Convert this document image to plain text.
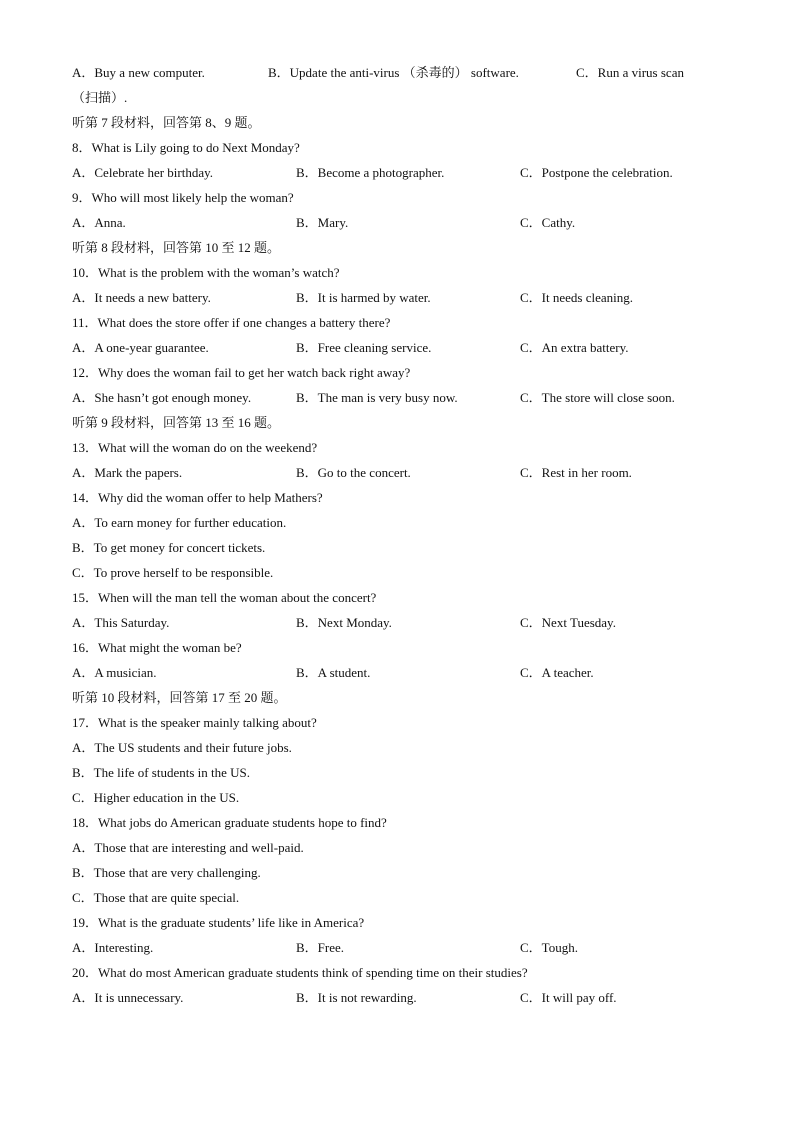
A．Buy a new computer.	B．Update the anti-virus （杀毒的） software.	C．Run a virus scan
（扫描）.
听第 7 段材料，回答第 8、9 题。
8．What is Lily going to do Next Monday?
A．Celebrate her birthday.	B．Become a photographer.	C．Postpone the celebration.
9．Who will most likely help the woman?
A．Anna.	B．Mary.	C．Cathy.
听第 8 段材料，回答第 10 至 12 题。
10．What is the problem with the woman’s watch?
A．It needs a new battery.	B．It is harmed by water.	C．It needs cleaning.
11．What does the store offer if one changes a battery there?
A．A one-year guarantee.	B．Free cleaning service.	C．An extra battery.
12．Why does the woman fail to get her watch back right away?
A．She hasn’t got enough money.	B．The man is very busy now.	C．The store will close soon.
听第 9 段材料，回答第 13 至 16 题。
13．What will the woman do on the weekend?
A．Mark the papers.	B．Go to the concert.	C．Rest in her room.
14．Why did the woman offer to help Mathers?
A．To earn money for further education.
B．To get money for concert tickets.
C．To prove herself to be responsible.
15．When will the man tell the woman about the concert?
A．This Saturday.	B．Next Monday.	C．Next Tuesday.
16．What might the woman be?
A．A musician.	B．A student.	C．A teacher.
听第 10 段材料，回答第 17 至 20 题。
17．What is the speaker mainly talking about?
A．The US students and their future jobs.
B．The life of students in the US.
C．Higher education in the US.
18．What jobs do American graduate students hope to find?
A．Those that are interesting and well-paid.
B．Those that are very challenging.
C．Those that are quite special.
19．What is the graduate students’ life like in America?
A．Interesting.	B．Free.	C．Tough.
20．What do most American graduate students think of spending time on their studies?
A．It is unnecessary.	B．It is not rewarding.	C．It will pay off.
